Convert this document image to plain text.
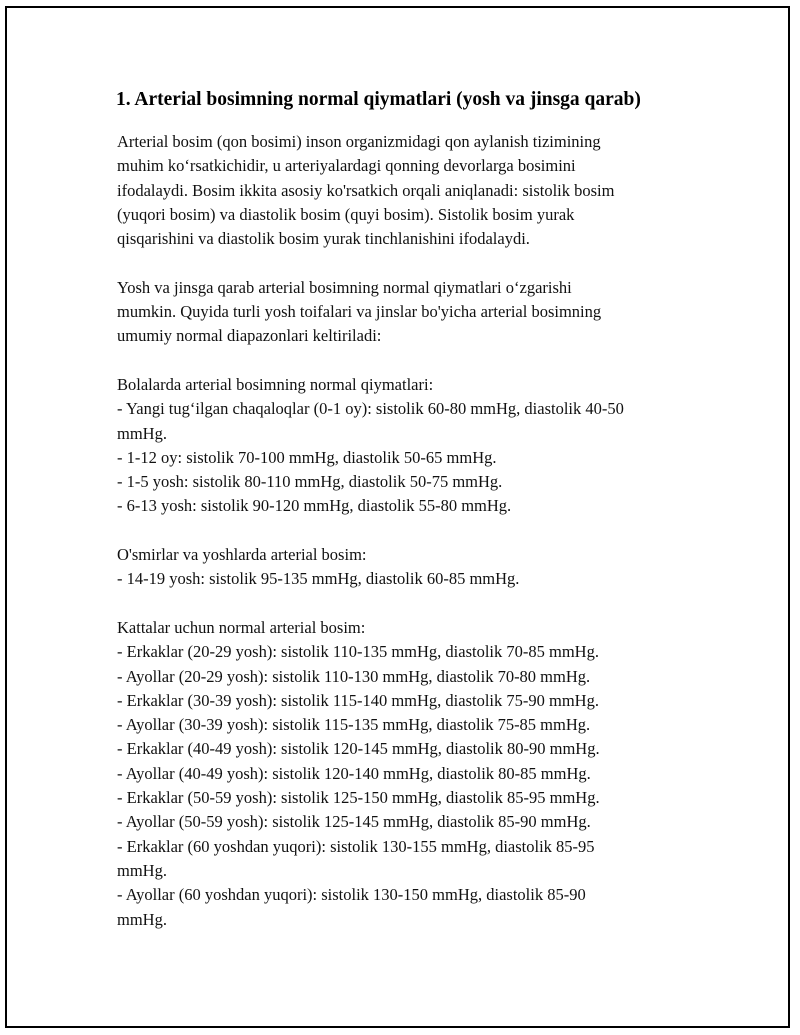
1. Arterial bosimning normal qiymatlari (yosh va jinsga qarab)
Arterial bosim (qon bosimi) inson organizmidagi qon aylanish tizimining
muhim ko‘rsatkichidir, u arteriyalardagi qonning devorlarga bosimini
ifodalaydi. Bosim ikkita asosiy ko'rsatkich orqali aniqlanadi: sistolik bosim
(yuqori bosim) va diastolik bosim (quyi bosim). Sistolik bosim yurak
qisqarishini va diastolik bosim yurak tinchlanishini ifodalaydi.
Yosh va jinsga qarab arterial bosimning normal qiymatlari o‘zgarishi
mumkin. Quyida turli yosh toifalari va jinslar bo'yicha arterial bosimning
umumiy normal diapazonlari keltiriladi:
Bolalarda arterial bosimning normal qiymatlari:
- Yangi tug‘ilgan chaqaloqlar (0-1 oy): sistolik 60-80 mmHg, diastolik 40-50
mmHg.
- 1-12 oy: sistolik 70-100 mmHg, diastolik 50-65 mmHg.
- 1-5 yosh: sistolik 80-110 mmHg, diastolik 50-75 mmHg.
- 6-13 yosh: sistolik 90-120 mmHg, diastolik 55-80 mmHg.
O'smirlar va yoshlarda arterial bosim:
- 14-19 yosh: sistolik 95-135 mmHg, diastolik 60-85 mmHg.
Kattalar uchun normal arterial bosim:
- Erkaklar (20-29 yosh): sistolik 110-135 mmHg, diastolik 70-85 mmHg.
- Ayollar (20-29 yosh): sistolik 110-130 mmHg, diastolik 70-80 mmHg.
- Erkaklar (30-39 yosh): sistolik 115-140 mmHg, diastolik 75-90 mmHg.
- Ayollar (30-39 yosh): sistolik 115-135 mmHg, diastolik 75-85 mmHg.
- Erkaklar (40-49 yosh): sistolik 120-145 mmHg, diastolik 80-90 mmHg.
- Ayollar (40-49 yosh): sistolik 120-140 mmHg, diastolik 80-85 mmHg.
- Erkaklar (50-59 yosh): sistolik 125-150 mmHg, diastolik 85-95 mmHg.
- Ayollar (50-59 yosh): sistolik 125-145 mmHg, diastolik 85-90 mmHg.
- Erkaklar (60 yoshdan yuqori): sistolik 130-155 mmHg, diastolik 85-95
mmHg.
- Ayollar (60 yoshdan yuqori): sistolik 130-150 mmHg, diastolik 85-90
mmHg.
